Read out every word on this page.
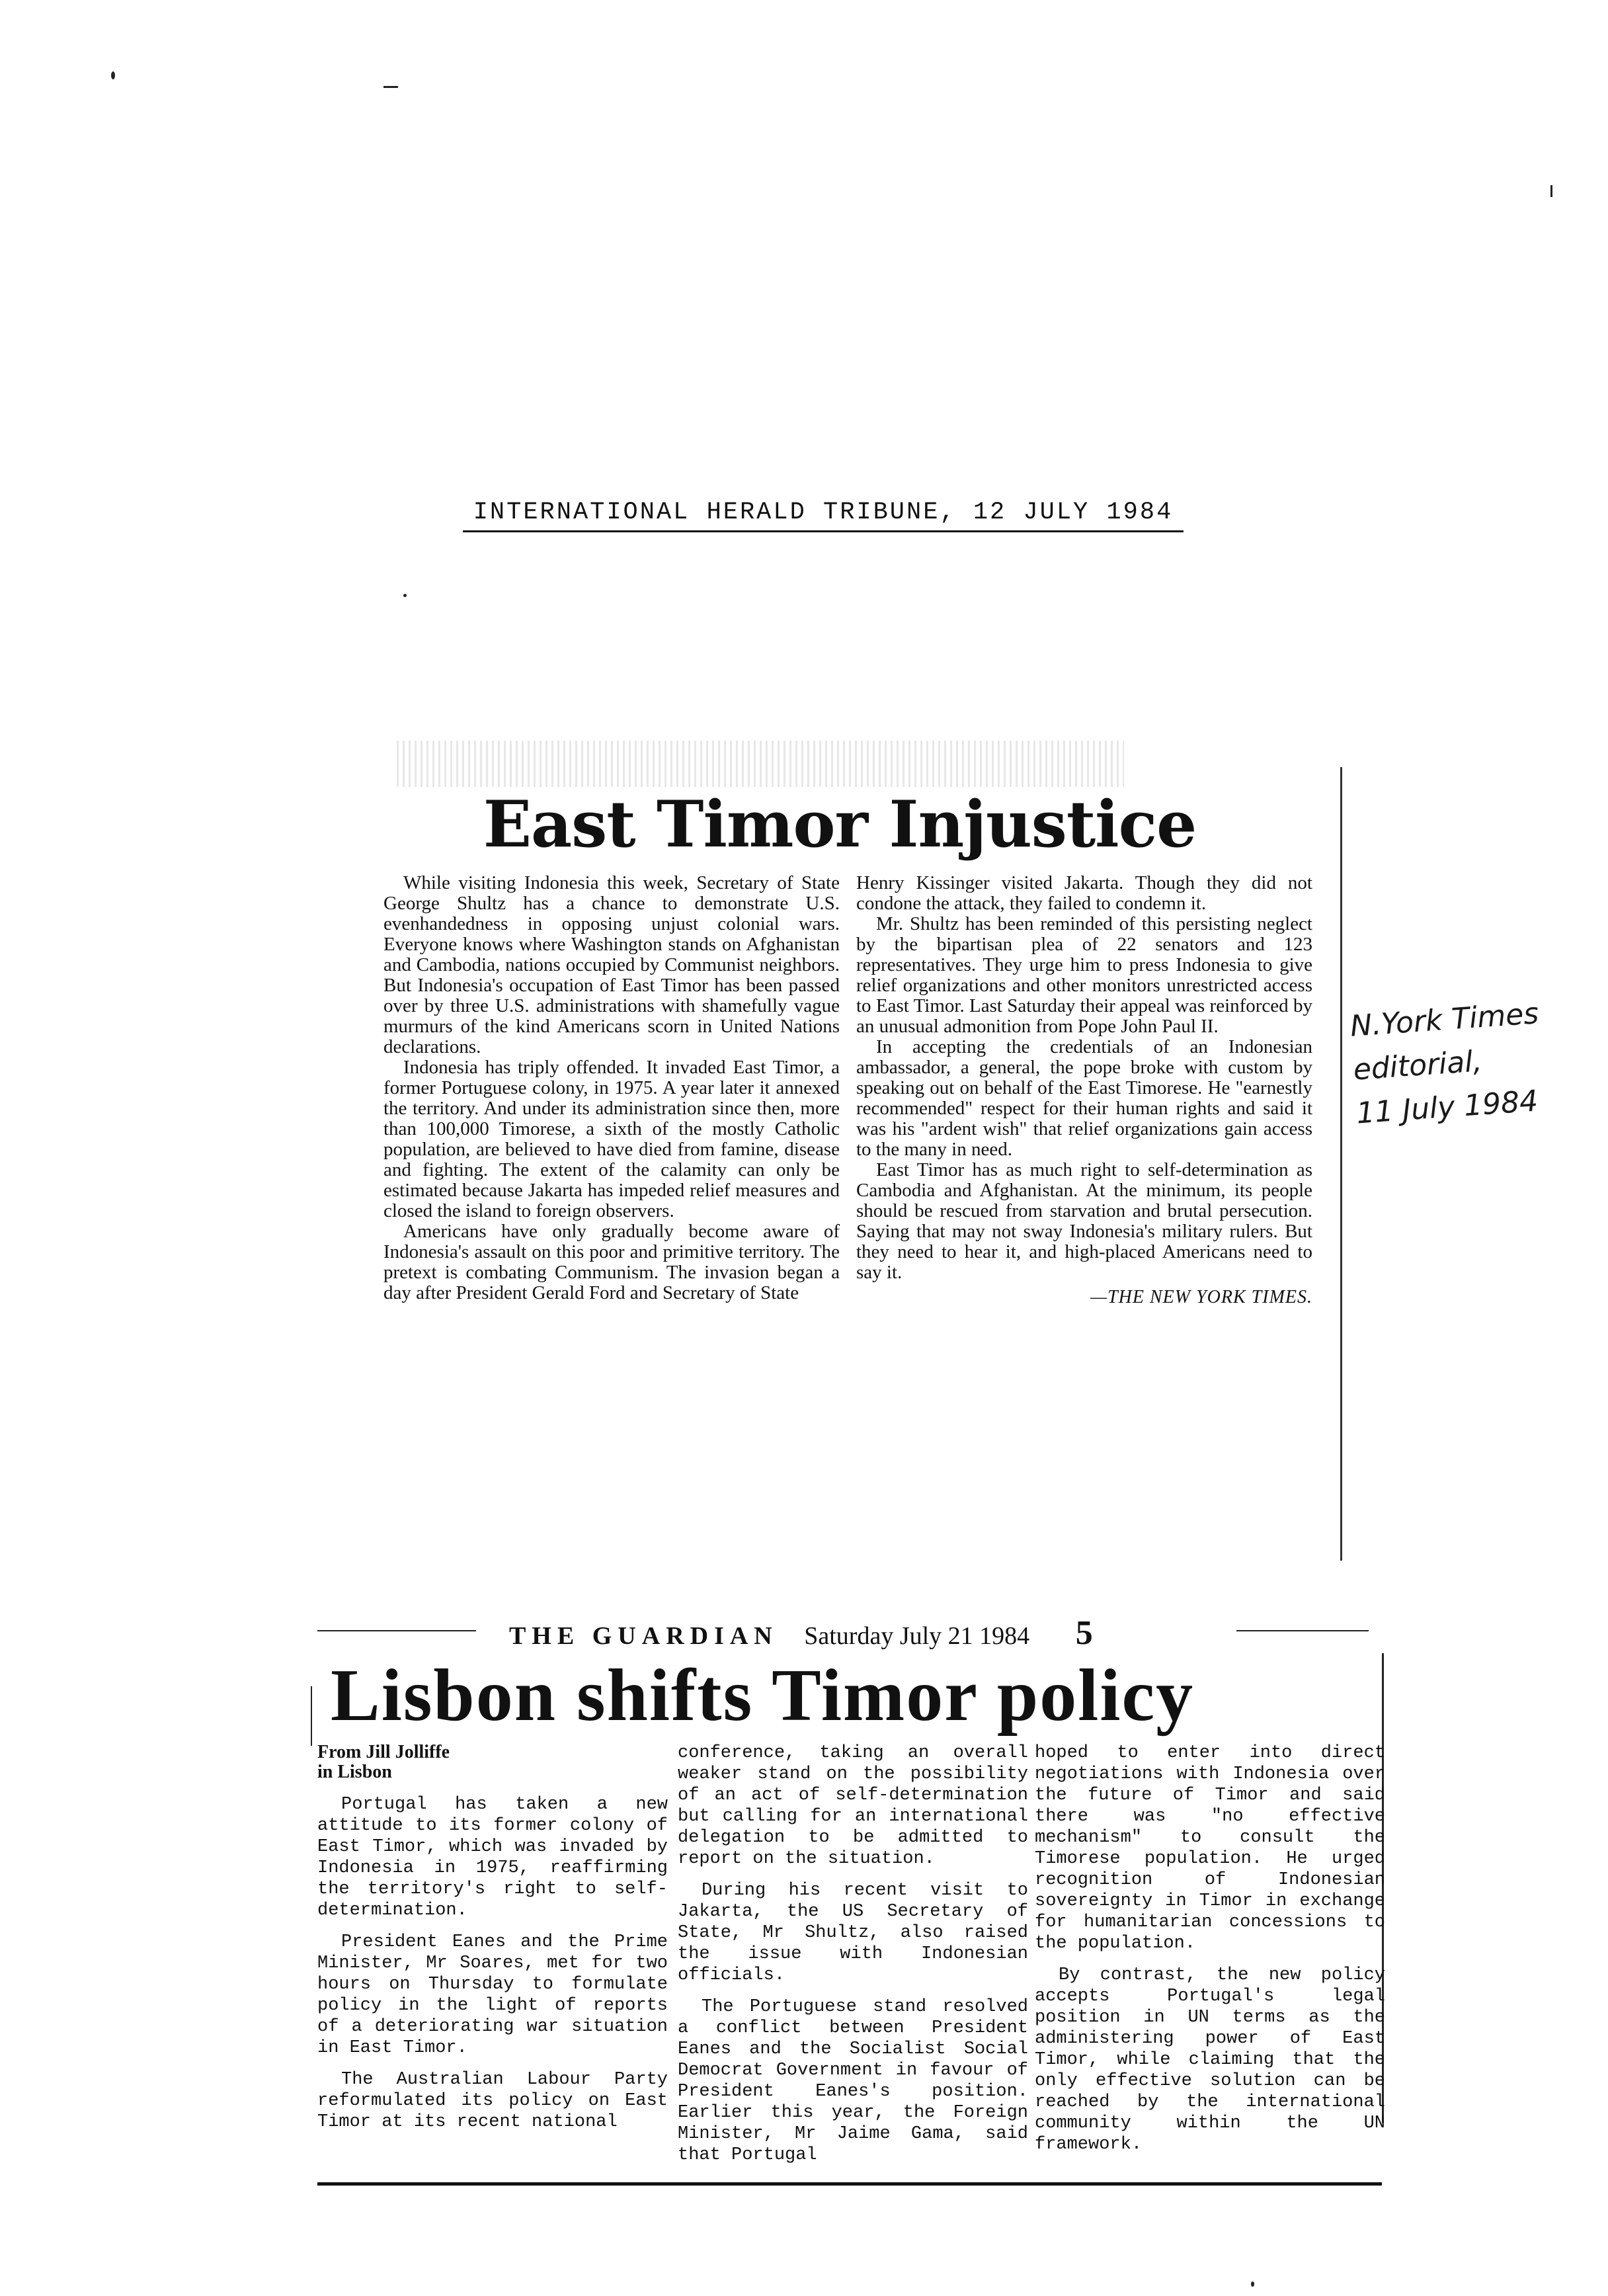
INTERNATIONAL HERALD TRIBUNE, 12 JULY 1984
East Timor Injustice

While visiting Indonesia this week, Secretary of State George Shultz has a chance to demonstrate U.S. evenhandedness in opposing unjust colonial wars. Everyone knows where Washington stands on Afghanistan and Cambodia, nations occupied by Communist neighbors. But Indonesia's occupation of East Timor has been passed over by three U.S. administrations with shamefully vague murmurs of the kind Americans scorn in United Nations declarations.

Indonesia has triply offended. It invaded East Timor, a former Portuguese colony, in 1975. A year later it annexed the territory. And under its administration since then, more than 100,000 Timorese, a sixth of the mostly Catholic population, are believed to have died from famine, disease and fighting. The extent of the calamity can only be estimated because Jakarta has impeded relief measures and closed the island to foreign observers.

Americans have only gradually become aware of Indonesia's assault on this poor and primitive territory. The pretext is combating Communism. The invasion began a day after President Gerald Ford and Secretary of State

Henry Kissinger visited Jakarta. Though they did not condone the attack, they failed to condemn it.

Mr. Shultz has been reminded of this persisting neglect by the bipartisan plea of 22 senators and 123 representatives. They urge him to press Indonesia to give relief organizations and other monitors unrestricted access to East Timor. Last Saturday their appeal was reinforced by an unusual admonition from Pope John Paul II.

In accepting the credentials of an Indonesian ambassador, a general, the pope broke with custom by speaking out on behalf of the East Timorese. He "earnestly recommended" respect for their human rights and said it was his "ardent wish" that relief organizations gain access to the many in need.

East Timor has as much right to self-determination as Cambodia and Afghanistan. At the minimum, its people should be rescued from starvation and brutal persecution. Saying that may not sway Indonesia's military rulers. But they need to hear it, and high-placed Americans need to say it.

—THE NEW YORK TIMES.
N.York Times
editorial,
11 July 1984
THE GUARDIAN Saturday July 21 1984 5
Lisbon shifts Timor policy
From Jill Jolliffe
in Lisbon

Portugal has taken a new attitude to its former colony of East Timor, which was invaded by Indonesia in 1975, reaffirming the territory's right to self-determination.

President Eanes and the Prime Minister, Mr Soares, met for two hours on Thursday to formulate policy in the light of reports of a deteriorating war situation in East Timor.

The Australian Labour Party reformulated its policy on East Timor at its recent national

conference, taking an overall weaker stand on the possibility of an act of self-determination but calling for an international delegation to be admitted to report on the situation.

During his recent visit to Jakarta, the US Secretary of State, Mr Shultz, also raised the issue with Indonesian officials.

The Portuguese stand resolved a conflict between President Eanes and the Socialist Social Democrat Government in favour of President Eanes's position. Earlier this year, the Foreign Minister, Mr Jaime Gama, said that Portugal

hoped to enter into direct negotiations with Indonesia over the future of Timor and said there was "no effective mechanism" to consult the Timorese population. He urged recognition of Indonesian sovereignty in Timor in exchange for humanitarian concessions to the population.

By contrast, the new policy accepts Portugal's legal position in UN terms as the administering power of East Timor, while claiming that the only effective solution can be reached by the international community within the UN framework.
